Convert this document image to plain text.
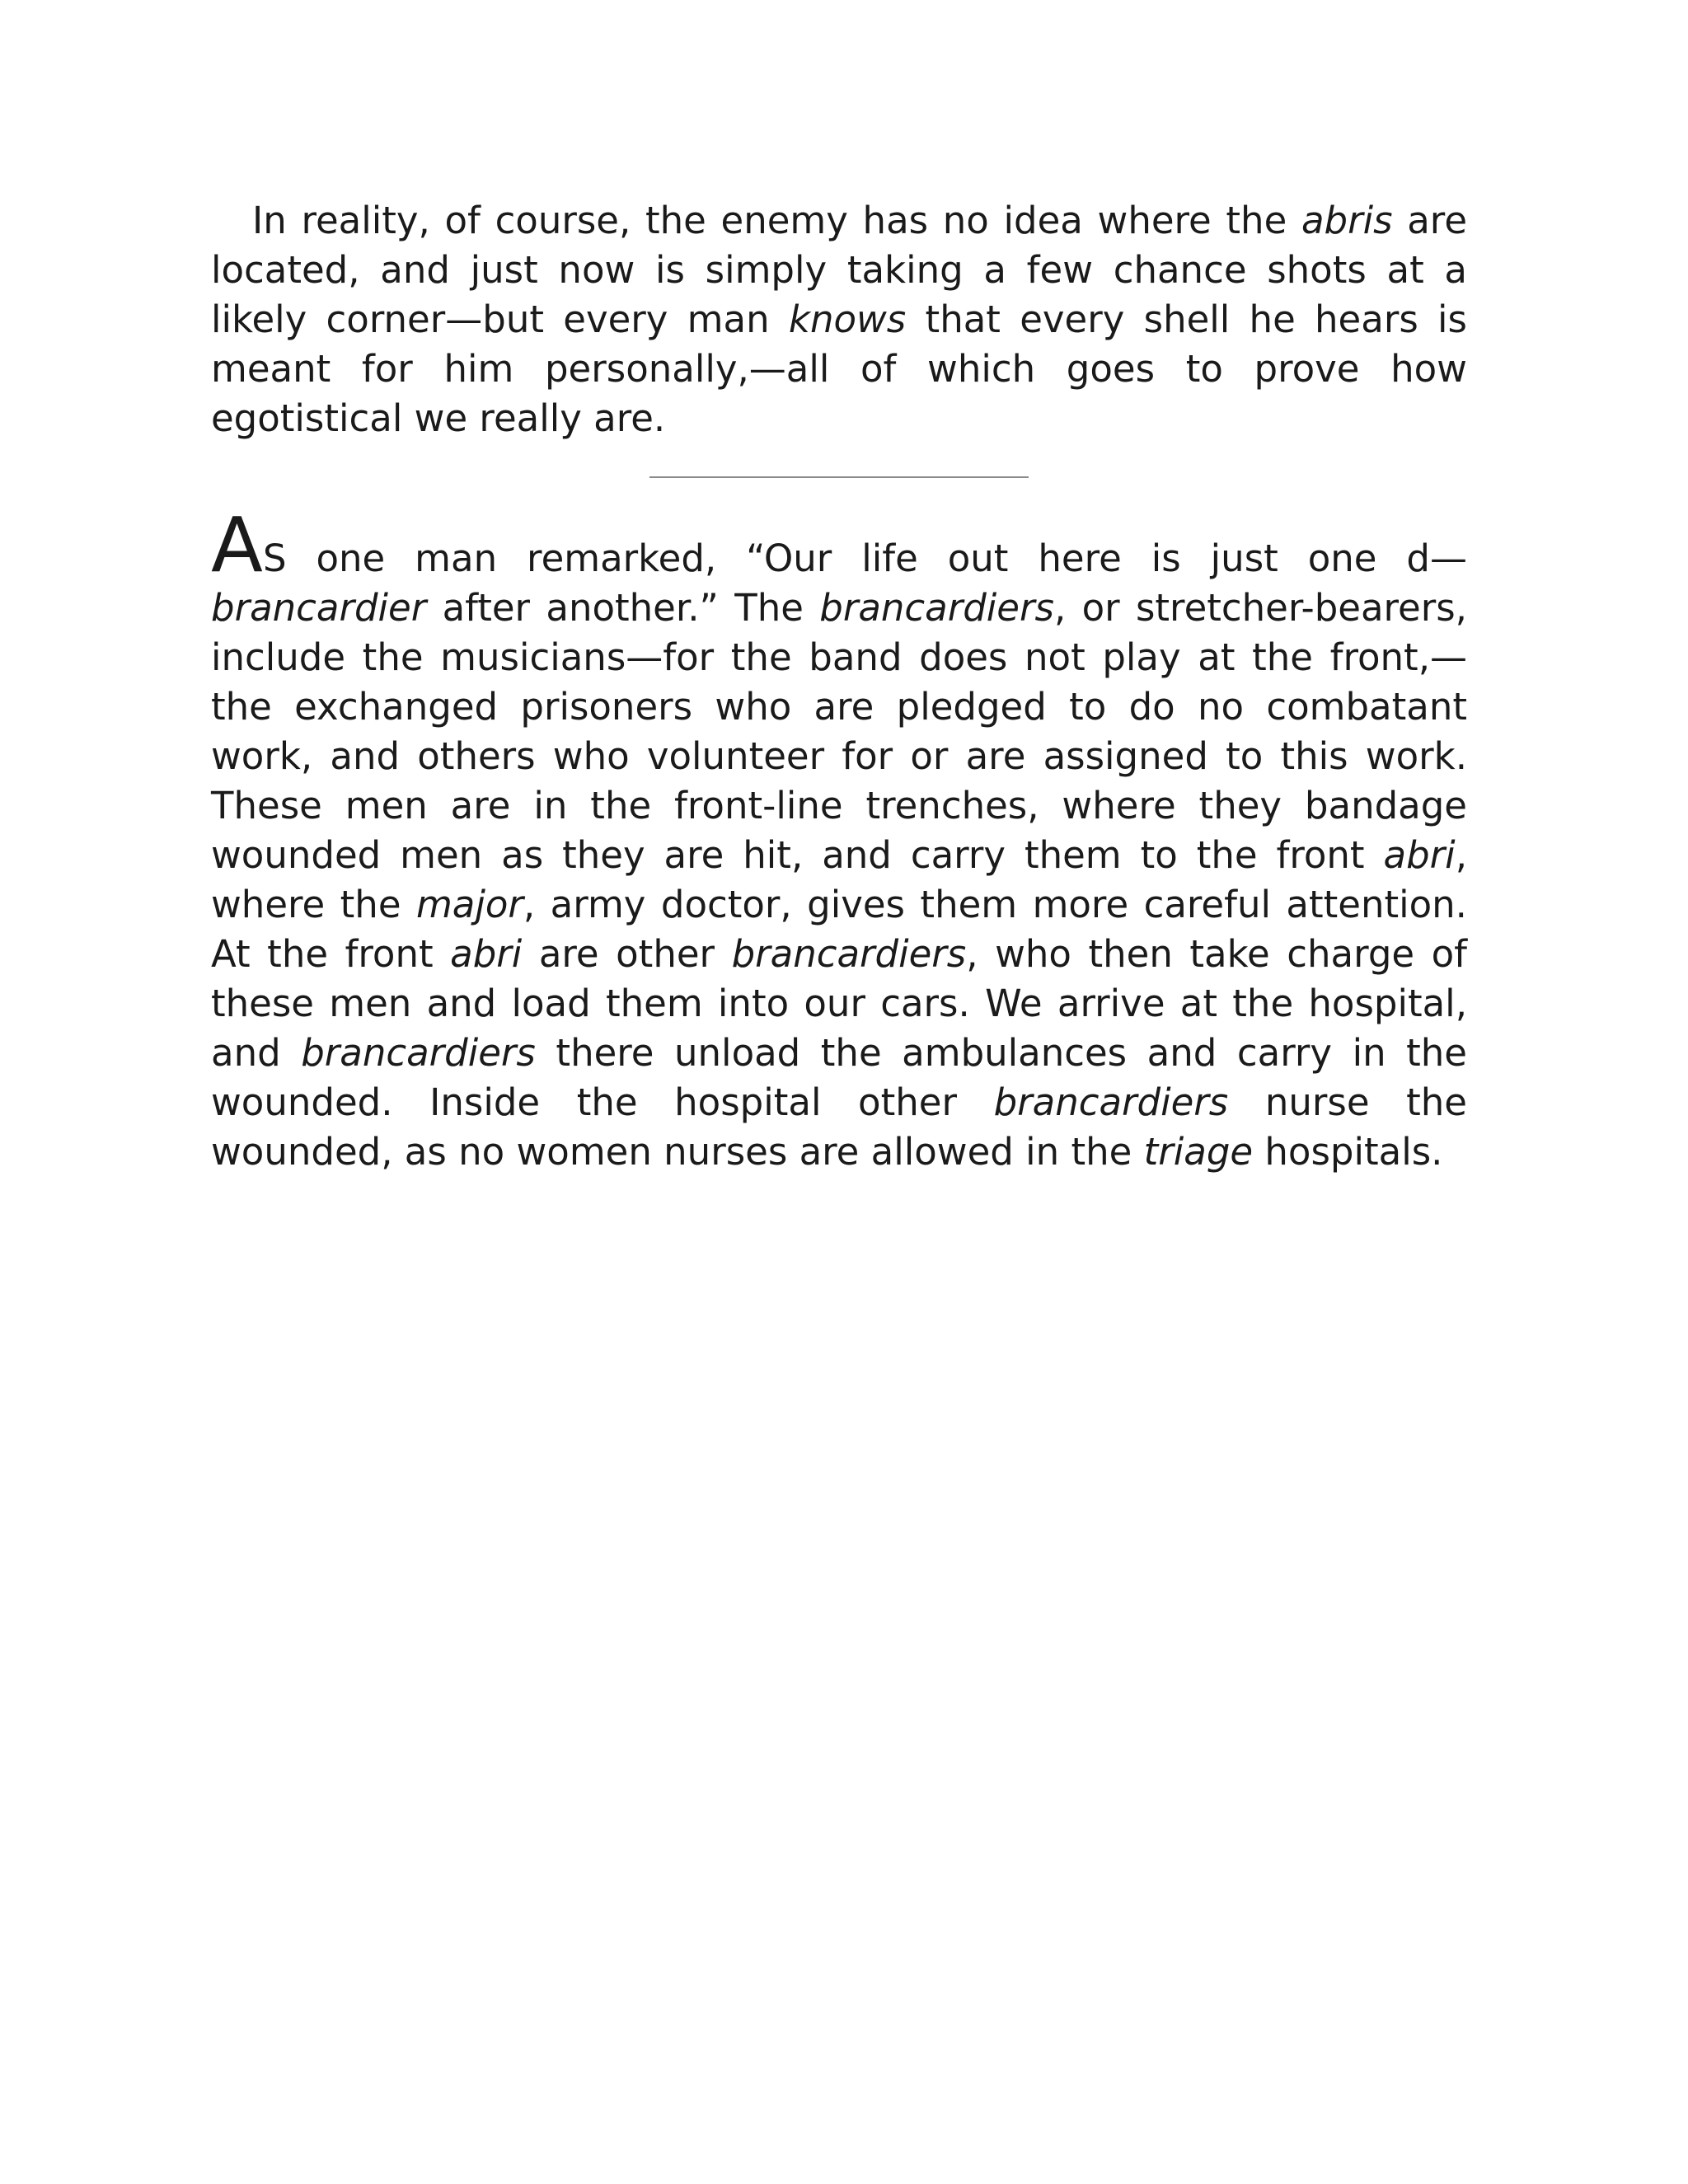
In reality, of course, the enemy has no idea where the abris are located, and just now is simply taking a few chance shots at a likely corner—but every man knows that every shell he hears is meant for him personally,—all of which goes to prove how egotistical we really are.

AS one man remarked, “Our life out here is just one d—brancardier after another.” The brancardiers, or stretcher-bearers, include the musicians—for the band does not play at the front,—the exchanged prisoners who are pledged to do no combatant work, and others who volunteer for or are assigned to this work. These men are in the front-line trenches, where they bandage wounded men as they are hit, and carry them to the front abri, where the major, army doctor, gives them more careful attention. At the front abri are other brancardiers, who then take charge of these men and load them into our cars. We arrive at the hospital, and brancardiers there unload the ambulances and carry in the wounded. Inside the hospital other brancardiers nurse the wounded, as no women nurses are allowed in the triage hospitals.
